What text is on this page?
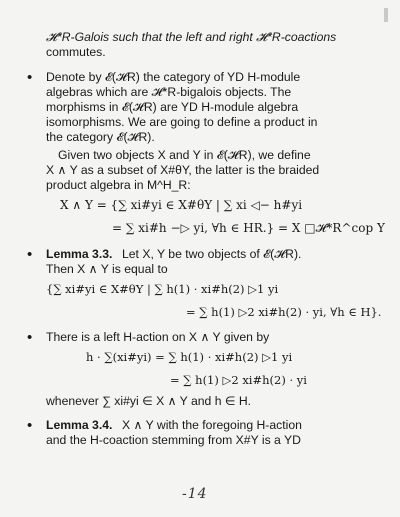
𝓗*R-Galois such that the left and right 𝓗*R-coactions
commutes.
• Denote by 𝓔(𝓗R) the category of YD H-module
algebras which are 𝓗*R-bigalois objects. The
morphisms in 𝓔(𝓗R) are YD H-module algebra
isomorphisms. We are going to define a product in
the category 𝓔(𝓗R).
Given two objects X and Y in 𝓔(𝓗R), we define
X ∧ Y as a subset of X#θY, the latter is the braided
product algebra in M^H_R:
X ∧ Y = {∑ xi#yi ∈ X#θY | ∑ xi ◁− h#yi
= ∑ xi#h −▷ yi, ∀h ∈ HR.} = X □𝓗*R^cop Y
• Lemma 3.3. Let X, Y be two objects of 𝓔(𝓗R).
Then X ∧ Y is equal to
{∑ xi#yi ∈ X#θY | ∑ h(1) · xi#h(2) ▷1 yi
= ∑ h(1) ▷2 xi#h(2) · yi, ∀h ∈ H}.
• There is a left H-action on X ∧ Y given by
h · ∑(xi#yi) = ∑ h(1) · xi#h(2) ▷1 yi
= ∑ h(1) ▷2 xi#h(2) · yi
whenever ∑ xi#yi ∈ X ∧ Y and h ∈ H.
• Lemma 3.4. X ∧ Y with the foregoing H-action
and the H-coaction stemming from X#Y is a YD
-14
